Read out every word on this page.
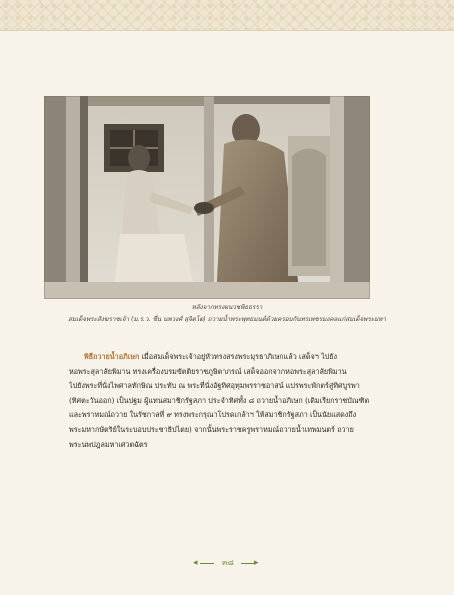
หลังจากทรงผนวชพิธธรรา
สมเด็จพระสังฆราชเจ้า (ม.ร.ว. ชื่น นพวงศ์ สุจิตโต) ถวายน้ำพระพุทธมนต์ด้วยครอบกันทรเพชรมงคลแก่สมเด็จพระมหา
พิธีถวายน้ำอภิเษก เมื่อสมเด็จพระเจ้าอยู่หัวทรงสรงพระมุรธาภิเษกแล้ว เสด็จฯ ไปยัง
หอพระสุลาลัยพิมาน ทรงเครื่องบรมขัตติยราชภูษิตาภรณ์ เสด็จออกจากหอพระสุลาลัยพิมาน
ไปยังพระที่นั่งไพศาลทักษิณ ประทับ ณ พระที่นั่งอัฐทิศอุทุมพรราชอาสน์ แปรพระพักตร์สู่ทิศบูรพา
(ทิศตะวันออก) เป็นปฐม ผู้แทนสมาชิกรัฐสภา ประจำทิศทั้ง ๘ ถวายน้ำอภิเษก (เดิมเรียกราชบัณฑิต
และพราหมณ์ถวาย ในรัชกาลที่ ๙ ทรงพระกรุณาโปรดเกล้าฯ ให้สมาชิกรัฐสภา เป็นนัยแสดงถึง
พระมหากษัตริย์ในระบอบประชาธิปไตย) จากนั้นพระราชครูพราหมณ์ถวายน้ำเทพมนตร์ ถวาย
พระนพปฎลมหาเศวตฉัตร
◂	๓๘	▸
